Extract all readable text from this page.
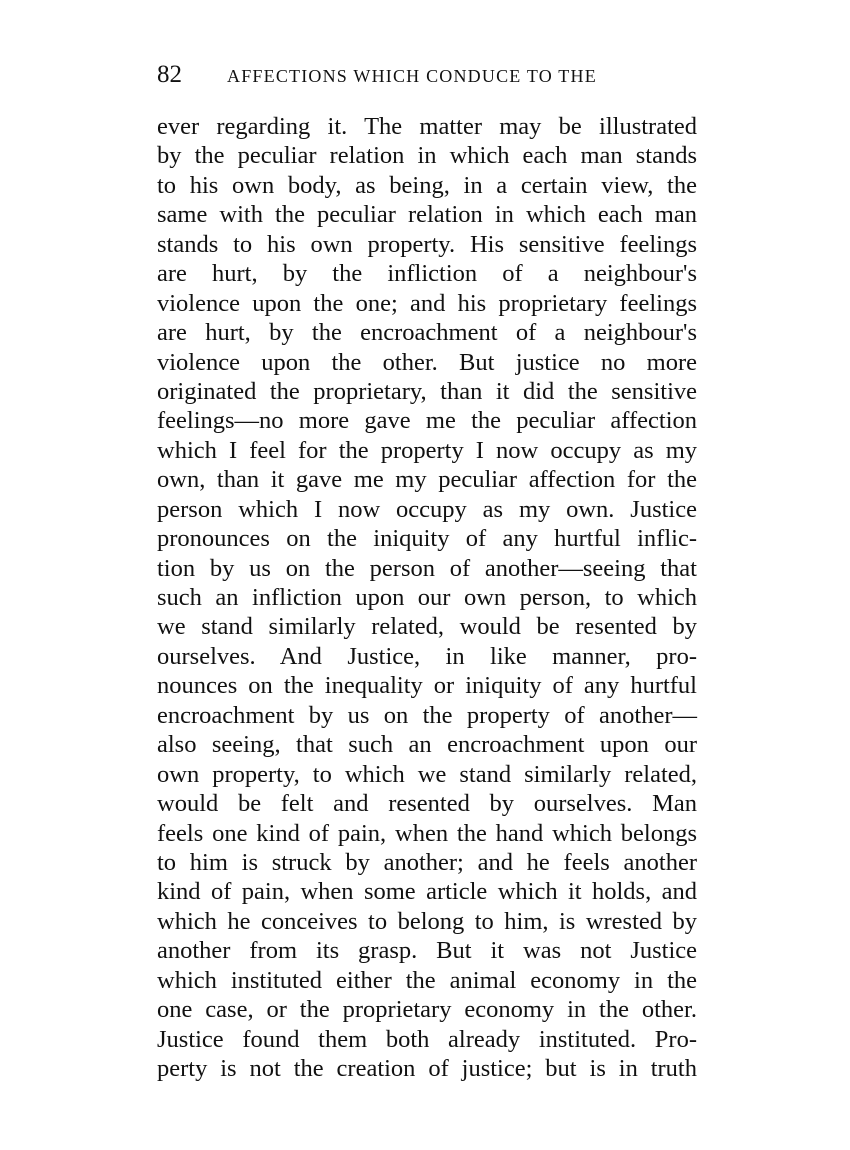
82	AFFECTIONS WHICH CONDUCE TO THE
ever regarding it. The matter may be illustrated
by the peculiar relation in which each man stands
to his own body, as being, in a certain view, the
same with the peculiar relation in which each man
stands to his own property. His sensitive feelings
are hurt, by the infliction of a neighbour's
violence upon the one; and his proprietary feelings
are hurt, by the encroachment of a neighbour's
violence upon the other. But justice no more
originated the proprietary, than it did the sensitive
feelings—no more gave me the peculiar affection
which I feel for the property I now occupy as my
own, than it gave me my peculiar affection for the
person which I now occupy as my own. Justice
pronounces on the iniquity of any hurtful inflic-
tion by us on the person of another—seeing that
such an infliction upon our own person, to which
we stand similarly related, would be resented by
ourselves. And Justice, in like manner, pro-
nounces on the inequality or iniquity of any hurtful
encroachment by us on the property of another—
also seeing, that such an encroachment upon our
own property, to which we stand similarly related,
would be felt and resented by ourselves. Man
feels one kind of pain, when the hand which belongs
to him is struck by another; and he feels another
kind of pain, when some article which it holds, and
which he conceives to belong to him, is wrested by
another from its grasp. But it was not Justice
which instituted either the animal economy in the
one case, or the proprietary economy in the other.
Justice found them both already instituted. Pro-
perty is not the creation of justice; but is in truth
